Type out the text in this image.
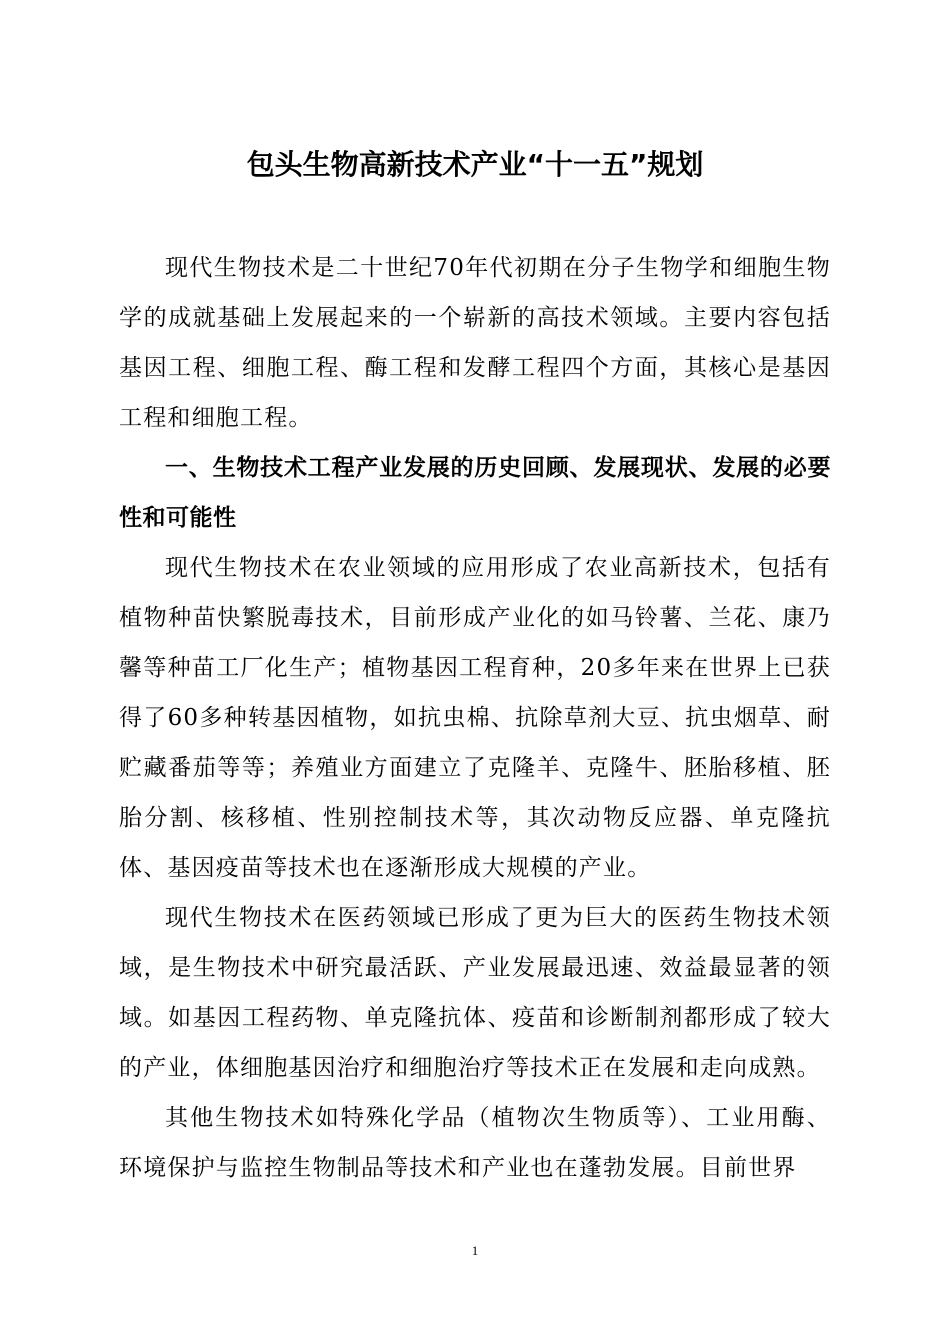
包头生物高新技术产业“十一五”规划

现代生物技术是二十世纪70年代初期在分子生物学和细胞生物学的成就基础上发展起来的一个崭新的高技术领域。主要内容包括基因工程、细胞工程、酶工程和发酵工程四个方面，其核心是基因工程和细胞工程。

一、生物技术工程产业发展的历史回顾、发展现状、发展的必要性和可能性

现代生物技术在农业领域的应用形成了农业高新技术，包括有植物种苗快繁脱毒技术，目前形成产业化的如马铃薯、兰花、康乃馨等种苗工厂化生产；植物基因工程育种，20多年来在世界上已获得了60多种转基因植物，如抗虫棉、抗除草剂大豆、抗虫烟草、耐贮藏番茄等等；养殖业方面建立了克隆羊、克隆牛、胚胎移植、胚胎分割、核移植、性别控制技术等，其次动物反应器、单克隆抗体、基因疫苗等技术也在逐渐形成大规模的产业。

现代生物技术在医药领域已形成了更为巨大的医药生物技术领域，是生物技术中研究最活跃、产业发展最迅速、效益最显著的领域。如基因工程药物、单克隆抗体、疫苗和诊断制剂都形成了较大的产业，体细胞基因治疗和细胞治疗等技术正在发展和走向成熟。

其他生物技术如特殊化学品（植物次生物质等）、工业用酶、环境保护与监控生物制品等技术和产业也在蓬勃发展。目前世界

1
